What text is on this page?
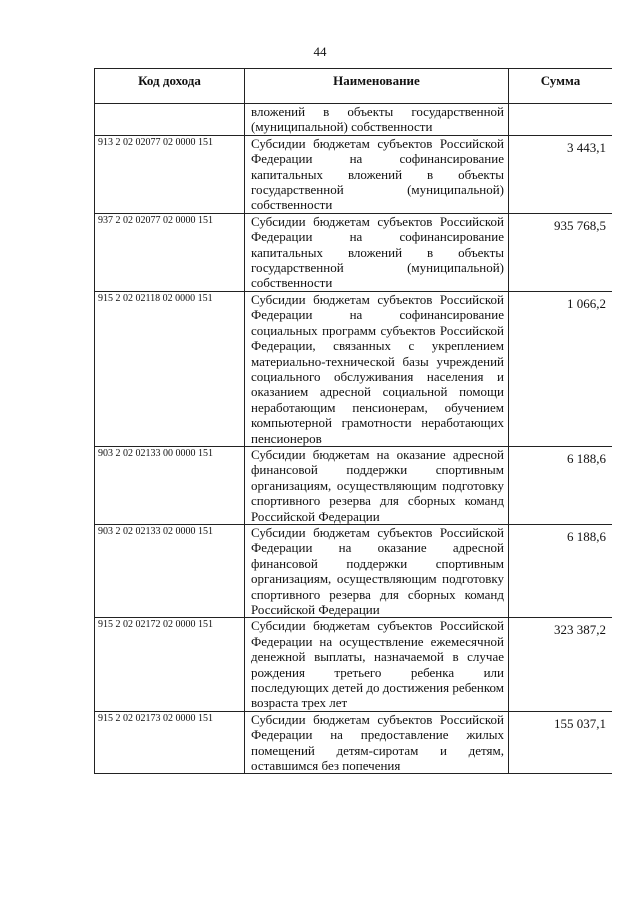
44
Код дохода	Наименование	Сумма
	вложений в объекты государственной (муниципальной) собственности	
913 2 02 02077 02 0000 151	Субсидии бюджетам субъектов Российской Федерации на софинансирование капитальных вложений в объекты государственной (муниципальной) собственности	3 443,1
937 2 02 02077 02 0000 151	Субсидии бюджетам субъектов Российской Федерации на софинансирование капитальных вложений в объекты государственной (муниципальной) собственности	935 768,5
915 2 02 02118 02 0000 151	Субсидии бюджетам субъектов Российской Федерации на софинансирование социальных программ субъектов Российской Федерации, связанных с укреплением материально-технической базы учреждений социального обслуживания населения и оказанием адресной социальной помощи неработающим пенсионерам, обучением компьютерной грамотности неработающих пенсионеров	1 066,2
903 2 02 02133 00 0000 151	Субсидии бюджетам на оказание адресной финансовой поддержки спортивным организациям, осуществляющим подготовку спортивного резерва для сборных команд Российской Федерации	6 188,6
903 2 02 02133 02 0000 151	Субсидии бюджетам субъектов Российской Федерации на оказание адресной финансовой поддержки спортивным организациям, осуществляющим подготовку спортивного резерва для сборных команд Российской Федерации	6 188,6
915 2 02 02172 02 0000 151	Субсидии бюджетам субъектов Российской Федерации на осуществление ежемесячной денежной выплаты, назначаемой в случае рождения третьего ребенка или последующих детей до достижения ребенком возраста трех лет	323 387,2
915 2 02 02173 02 0000 151	Субсидии бюджетам субъектов Российской Федерации на предоставление жилых помещений детям-сиротам и детям, оставшимся без попечения	155 037,1
